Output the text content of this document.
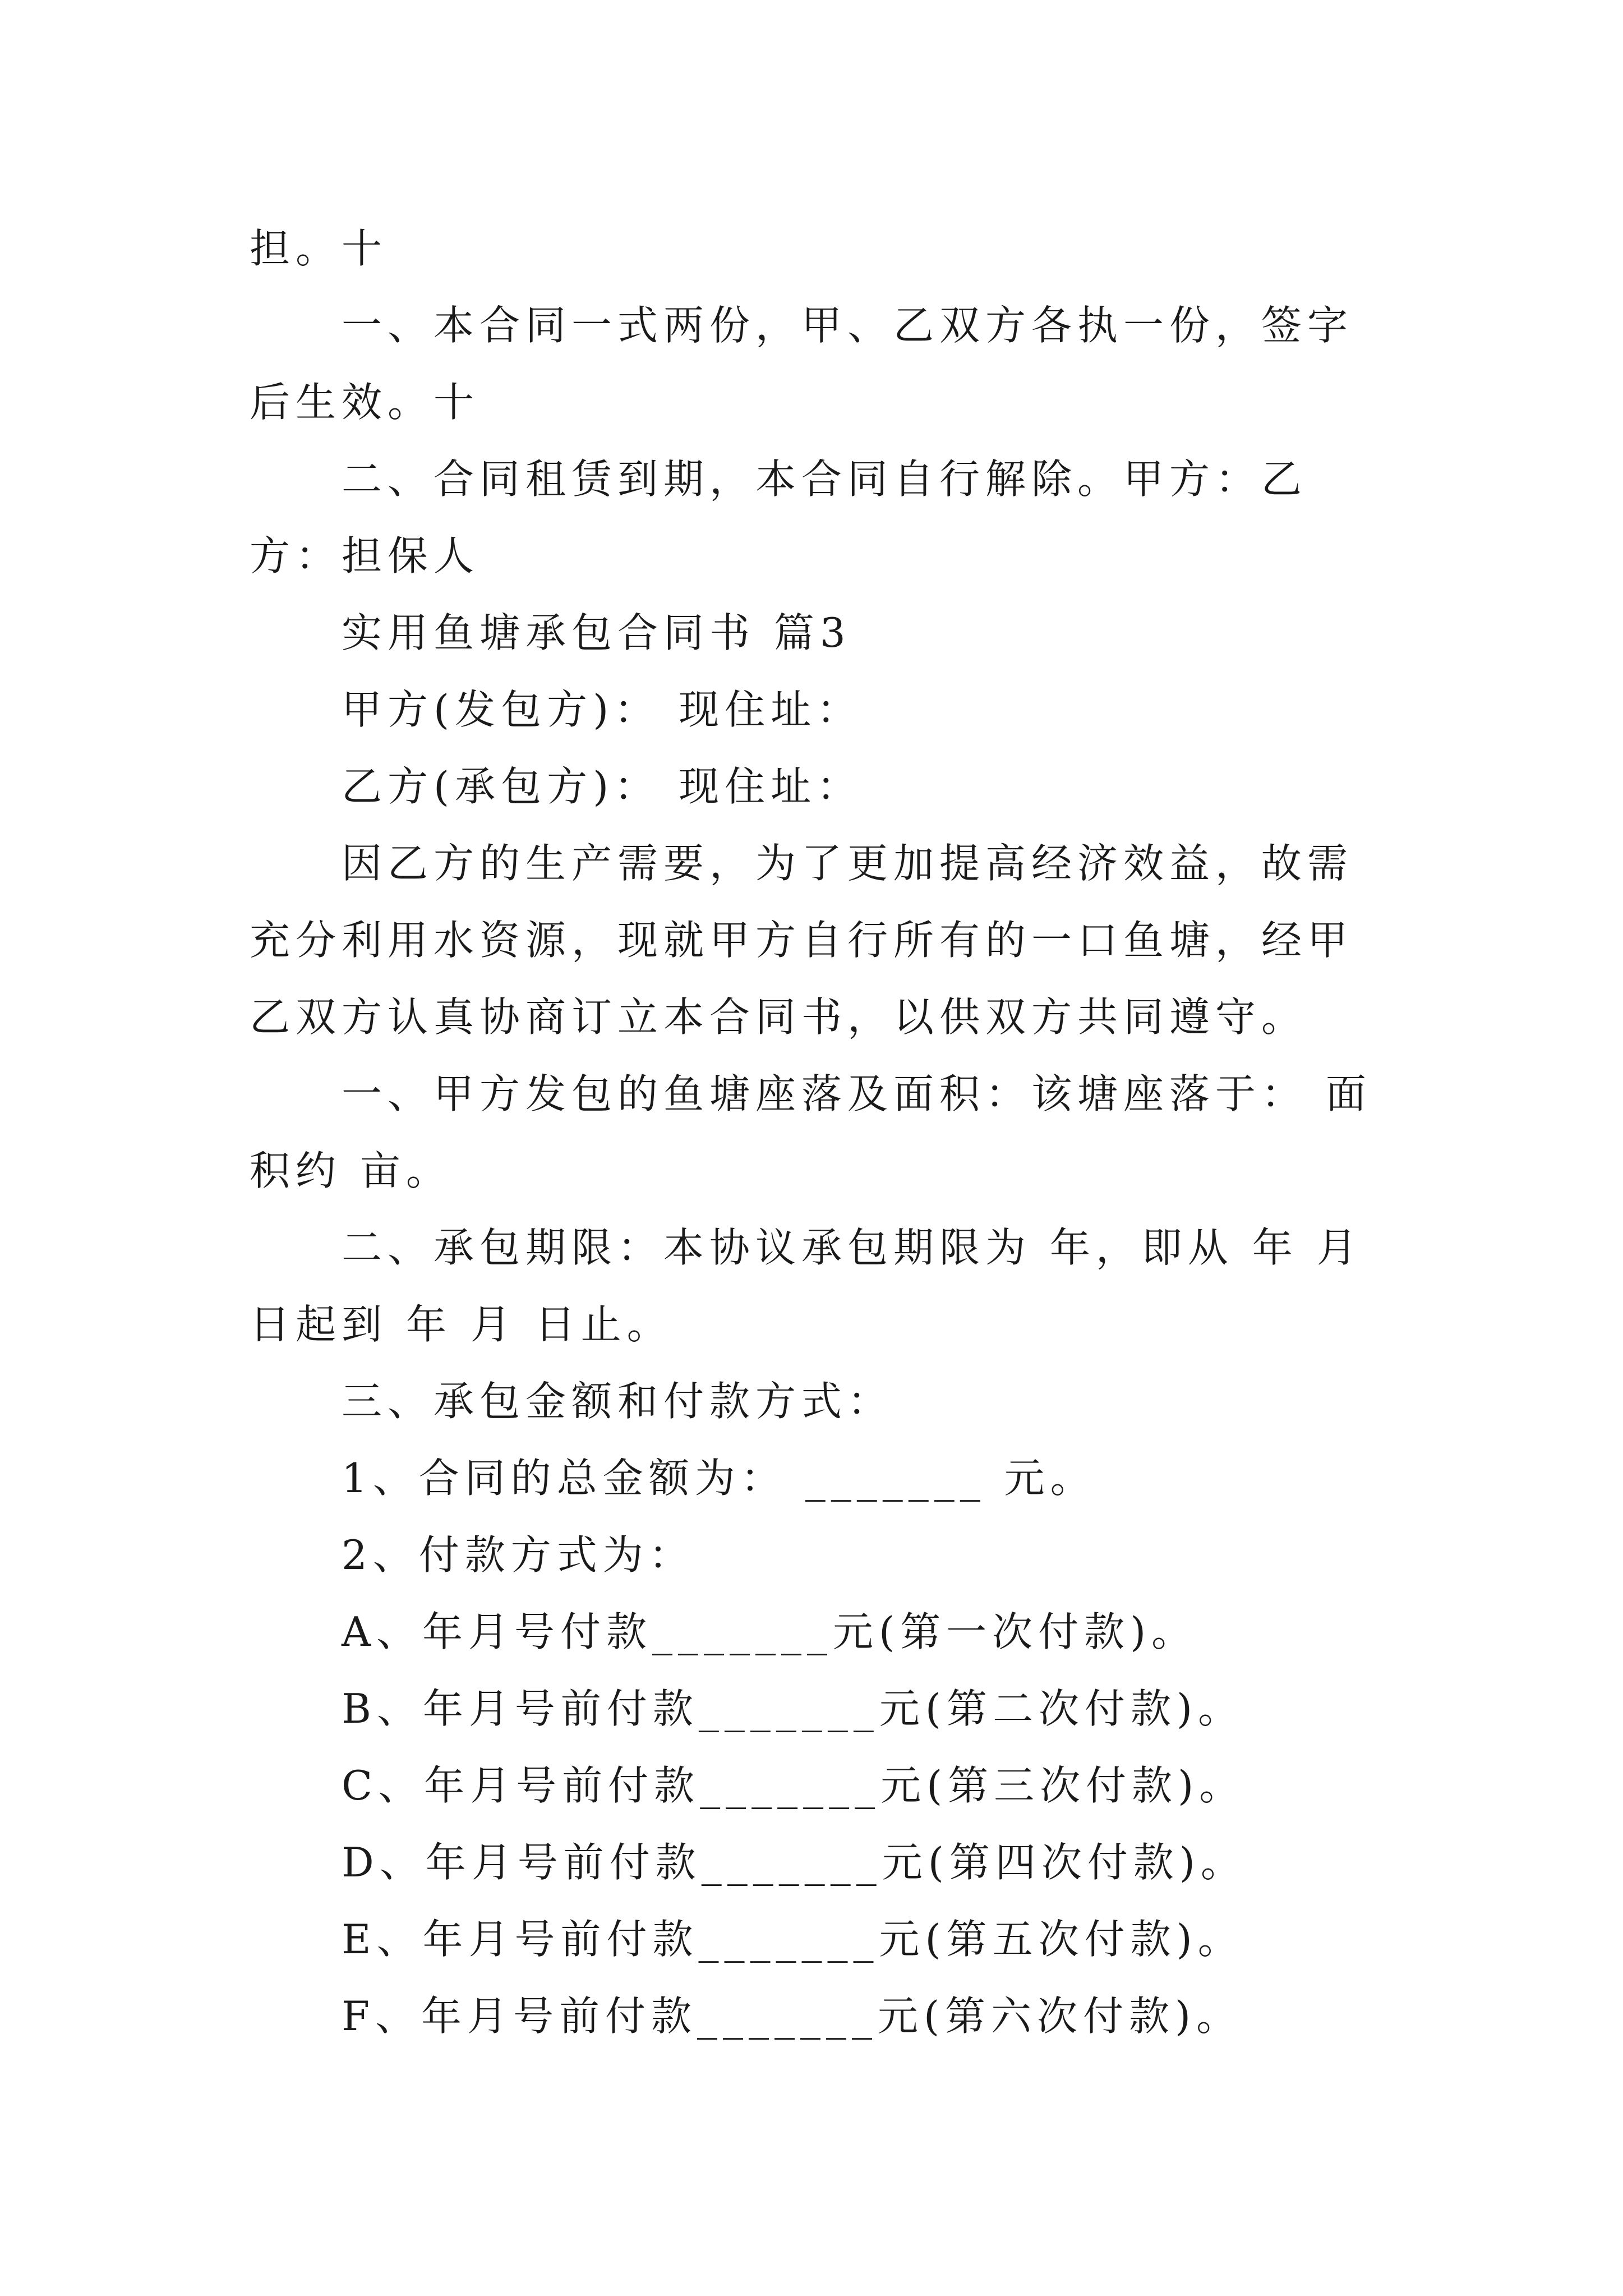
担。十

一、本合同一式两份，甲、乙双方各执一份，签字后生效。十

二、合同租赁到期，本合同自行解除。甲方：乙方：担保人

实用鱼塘承包合同书 篇3

甲方(发包方)： 现住址：

乙方(承包方)： 现住址：

因乙方的生产需要，为了更加提高经济效益，故需充分利用水资源，现就甲方自行所有的一口鱼塘，经甲乙双方认真协商订立本合同书，以供双方共同遵守。

一、甲方发包的鱼塘座落及面积：该塘座落于： 面积约 亩。

二、承包期限：本协议承包期限为 年，即从 年 月 日起到 年 月 日止。

三、承包金额和付款方式：

1、合同的总金额为： _______ 元。

2、付款方式为：

A、年月号付款_______元(第一次付款)。

B、年月号前付款_______元(第二次付款)。

C、年月号前付款_______元(第三次付款)。

D、年月号前付款_______元(第四次付款)。

E、年月号前付款_______元(第五次付款)。

F、年月号前付款_______元(第六次付款)。
